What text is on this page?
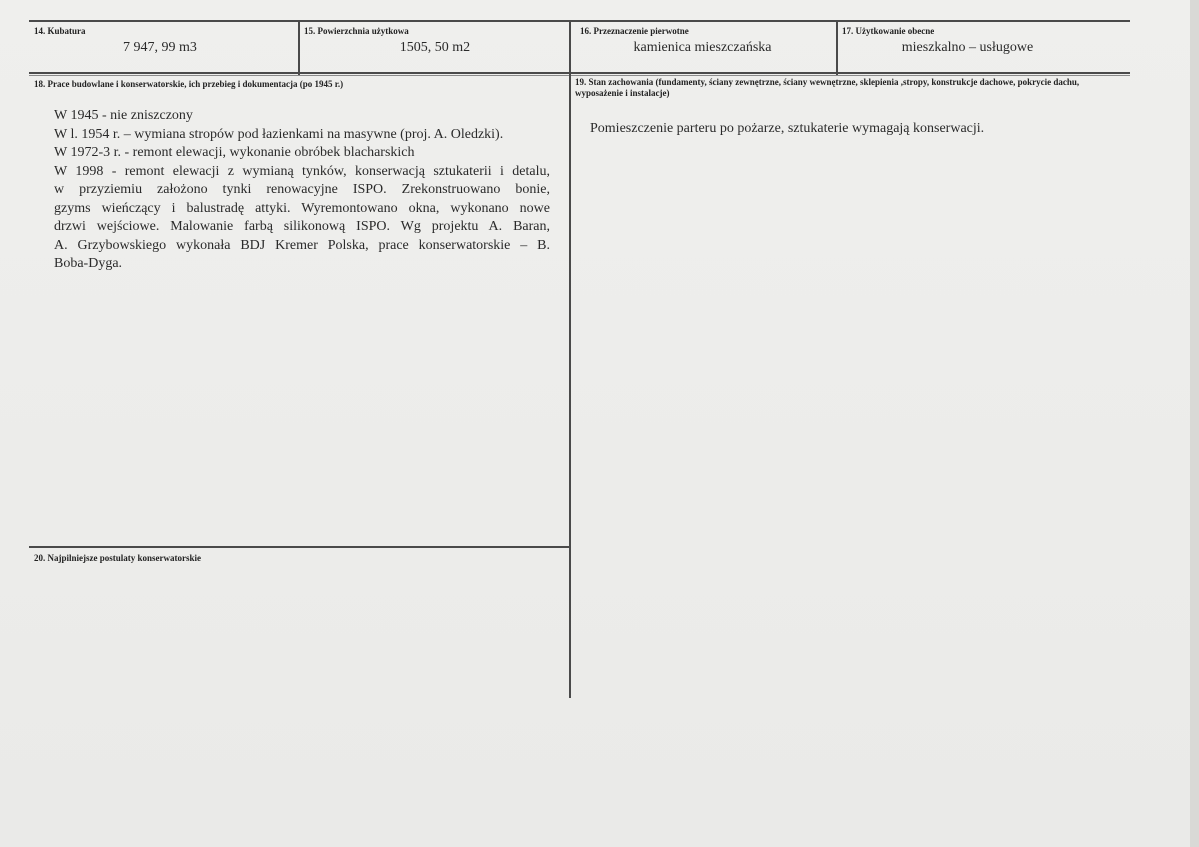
14. Kubatura
7 947, 99 m3
15. Powierzchnia użytkowa
1505, 50 m2
16. Przeznaczenie pierwotne
kamienica mieszczańska
17. Użytkowanie obecne
mieszkalno – usługowe
18. Prace budowlane i konserwatorskie, ich przebieg i dokumentacja (po 1945 r.)
W 1945 - nie zniszczony
W l. 1954 r. – wymiana stropów pod łazienkami na masywne (proj. A. Oledzki).
W 1972-3 r. - remont elewacji, wykonanie obróbek blacharskich
W 1998 - remont elewacji z wymianą tynków, konserwacją sztukaterii i detalu,
w przyziemiu założono tynki renowacyjne ISPO. Zrekonstruowano bonie,
gzyms wieńczący i balustradę attyki. Wyremontowano okna, wykonano nowe
drzwi wejściowe. Malowanie farbą silikonową ISPO. Wg projektu A. Baran,
A. Grzybowskiego wykonała BDJ Kremer Polska, prace konserwatorskie – B.
Boba-Dyga.
19. Stan zachowania (fundamenty, ściany zewnętrzne, ściany wewnętrzne, sklepienia ,stropy, konstrukcje dachowe, pokrycie dachu, wyposażenie i instalacje)
Pomieszczenie parteru po pożarze, sztukaterie wymagają konserwacji.
20. Najpilniejsze postulaty konserwatorskie
